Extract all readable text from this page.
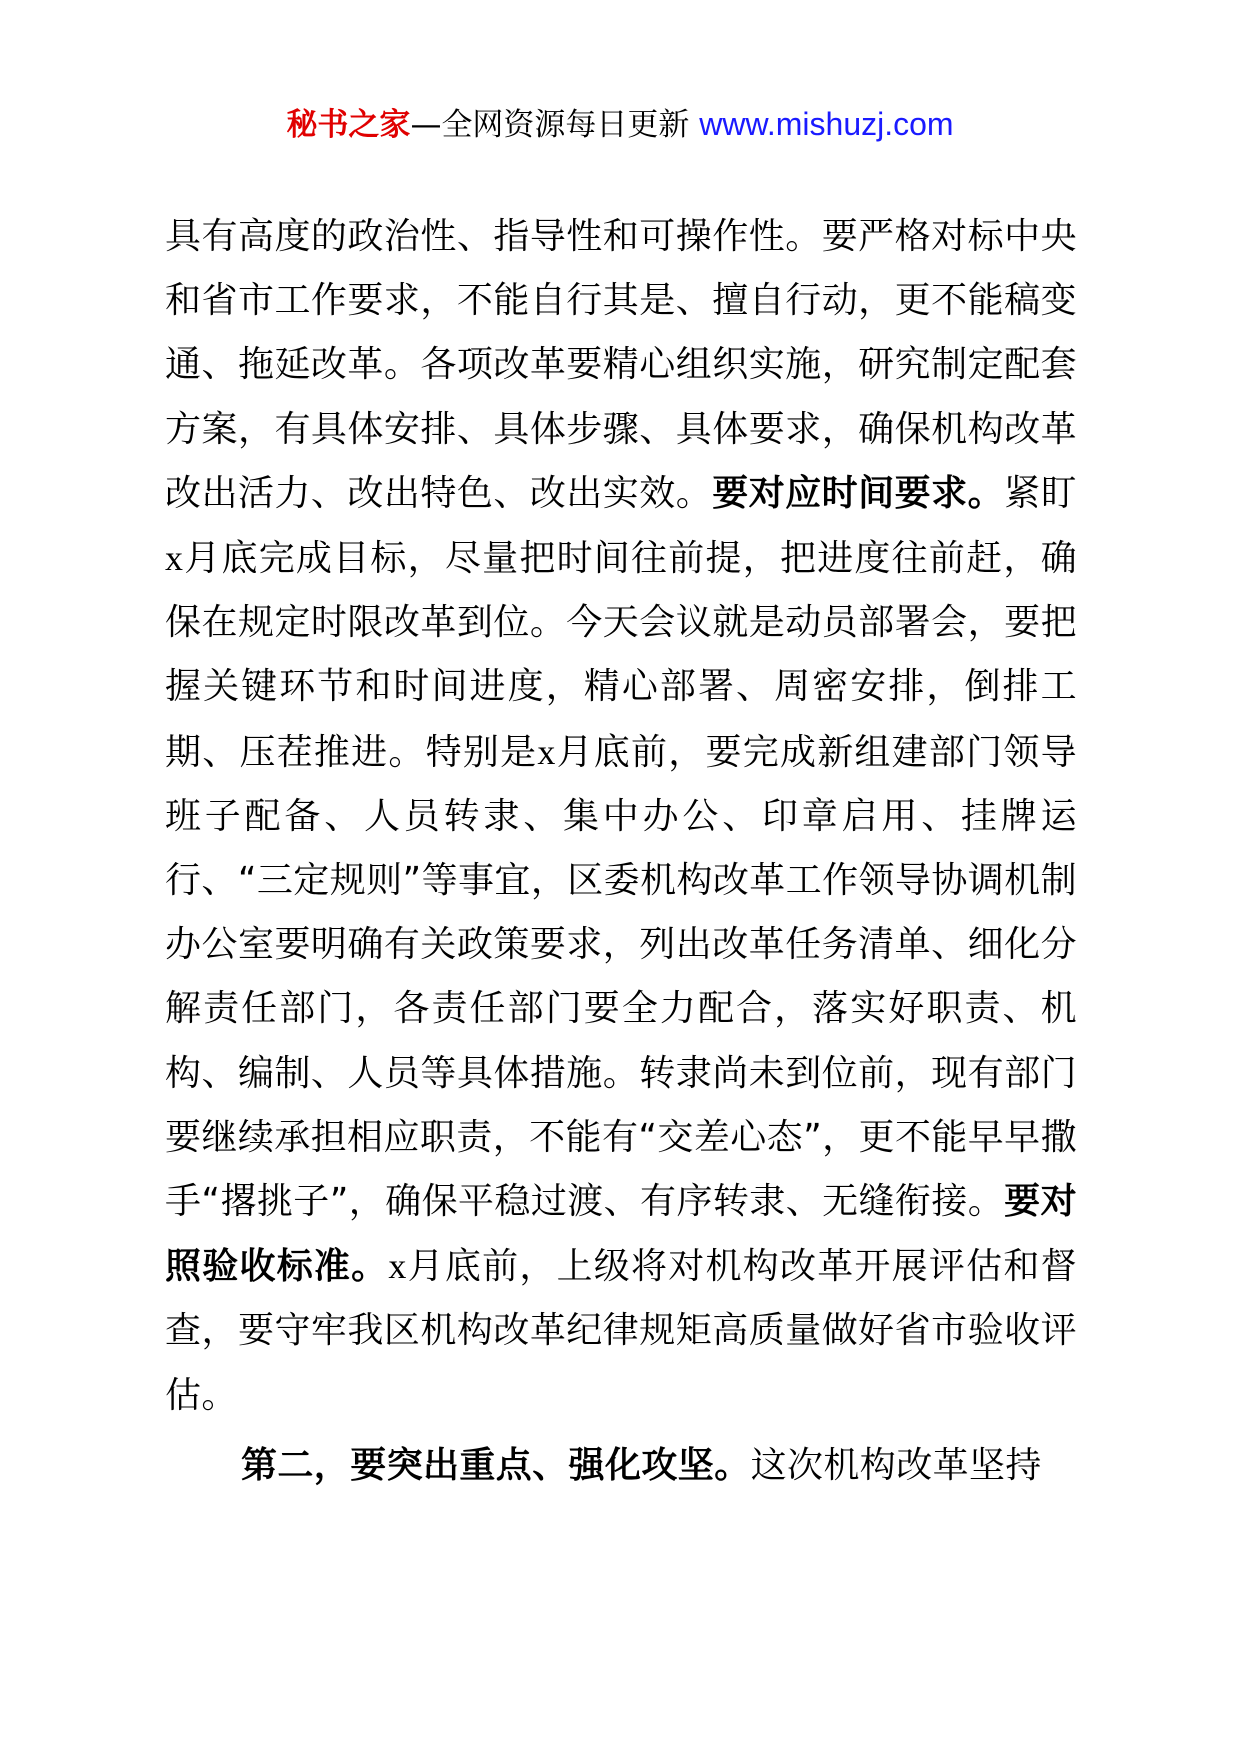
秘书之家—全网资源每日更新 www.mishuzj.com

具有高度的政治性、指导性和可操作性。要严格对标中央和省市工作要求，不能自行其是、擅自行动，更不能稿变通、拖延改革。各项改革要精心组织实施，研究制定配套方案，有具体安排、具体步骤、具体要求，确保机构改革改出活力、改出特色、改出实效。要对应时间要求。紧盯x月底完成目标，尽量把时间往前提，把进度往前赶，确保在规定时限改革到位。今天会议就是动员部署会，要把握关键环节和时间进度，精心部署、周密安排，倒排工期、压茬推进。特别是x月底前，要完成新组建部门领导班子配备、人员转隶、集中办公、印章启用、挂牌运行、“三定规则”等事宜，区委机构改革工作领导协调机制办公室要明确有关政策要求，列出改革任务清单、细化分解责任部门，各责任部门要全力配合，落实好职责、机构、编制、人员等具体措施。转隶尚未到位前，现有部门要继续承担相应职责，不能有“交差心态”，更不能早早撒手“撂挑子”，确保平稳过渡、有序转隶、无缝衔接。要对照验收标准。x月底前，上级将对机构改革开展评估和督查，要守牢我区机构改革纪律规矩高质量做好省市验收评估。

第二，要突出重点、强化攻坚。这次机构改革坚持
